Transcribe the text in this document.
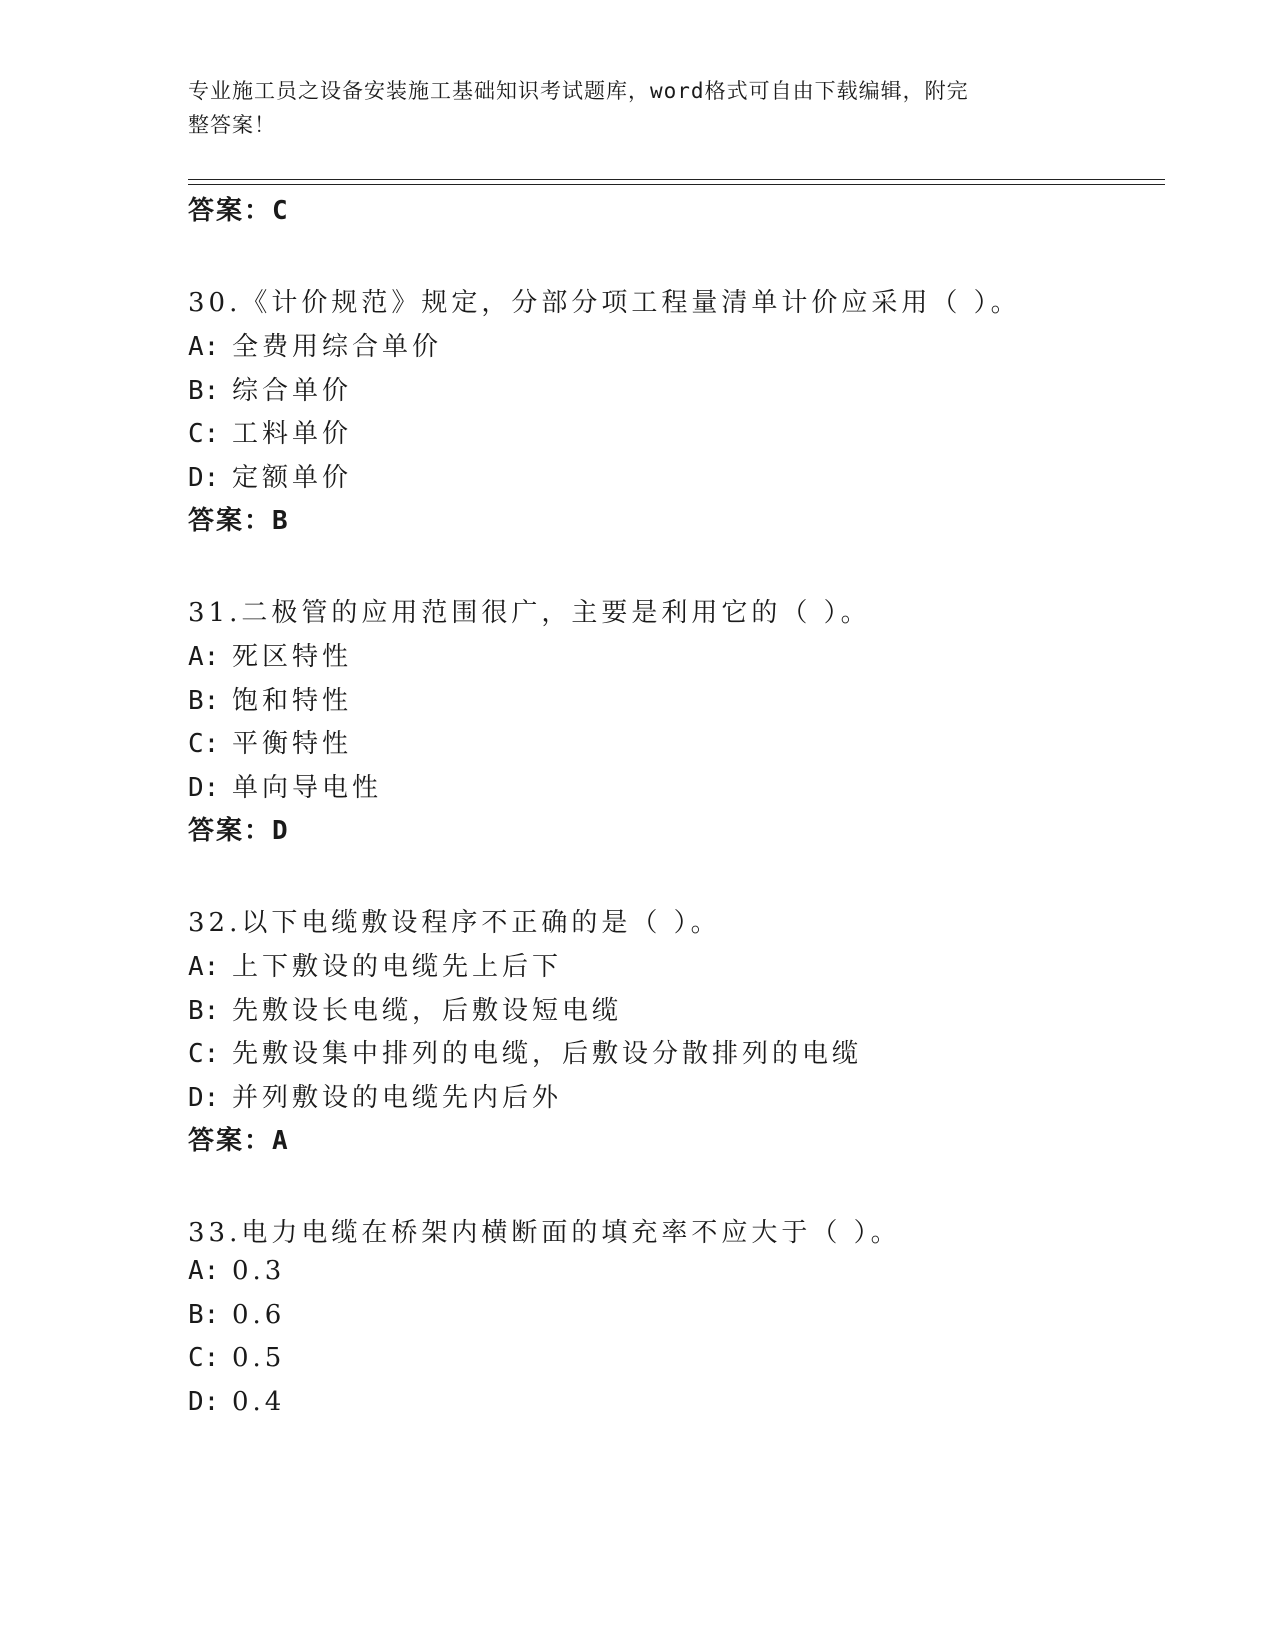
专业施工员之设备安装施工基础知识考试题库，word格式可自由下载编辑，附完
整答案！
答案：C
30.《计价规范》规定，分部分项工程量清单计价应采用（ ）。
A: 全费用综合单价
B: 综合单价
C: 工料单价
D: 定额单价
答案：B
31.二极管的应用范围很广，主要是利用它的（ ）。
A: 死区特性
B: 饱和特性
C: 平衡特性
D: 单向导电性
答案：D
32.以下电缆敷设程序不正确的是（ ）。
A: 上下敷设的电缆先上后下
B: 先敷设长电缆，后敷设短电缆
C: 先敷设集中排列的电缆，后敷设分散排列的电缆
D: 并列敷设的电缆先内后外
答案：A
33.电力电缆在桥架内横断面的填充率不应大于（ ）。
A: 0.3
B: 0.6
C: 0.5
D: 0.4
